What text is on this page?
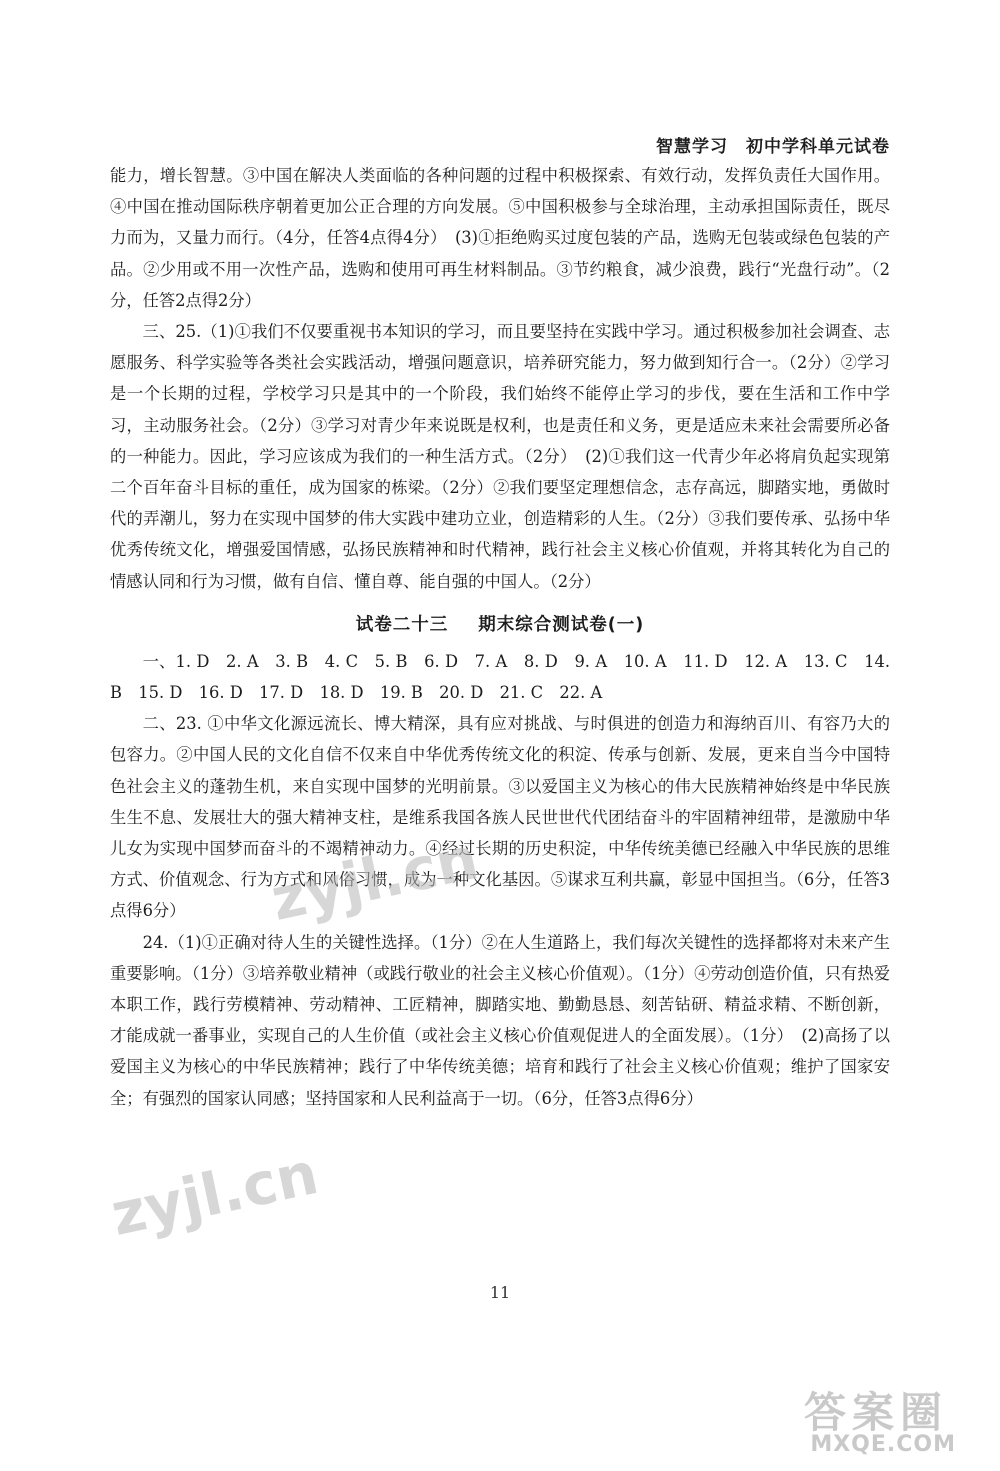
智慧学习　初中学科单元试卷

能力，增长智慧。③中国在解决人类面临的各种问题的过程中积极探索、有效行动，发挥负责任大国作用。④中国在推动国际秩序朝着更加公正合理的方向发展。⑤中国积极参与全球治理，主动承担国际责任，既尽力而为，又量力而行。（4分，任答4点得4分）　(3)①拒绝购买过度包装的产品，选购无包装或绿色包装的产品。②少用或不用一次性产品，选购和使用可再生材料制品。③节约粮食，减少浪费，践行“光盘行动”。（2分，任答2点得2分）

三、25.（1)①我们不仅要重视书本知识的学习，而且要坚持在实践中学习。通过积极参加社会调查、志愿服务、科学实验等各类社会实践活动，增强问题意识，培养研究能力，努力做到知行合一。（2分）②学习是一个长期的过程，学校学习只是其中的一个阶段，我们始终不能停止学习的步伐，要在生活和工作中学习，主动服务社会。（2分）③学习对青少年来说既是权利，也是责任和义务，更是适应未来社会需要所必备的一种能力。因此，学习应该成为我们的一种生活方式。（2分）　(2)①我们这一代青少年必将肩负起实现第二个百年奋斗目标的重任，成为国家的栋梁。（2分）②我们要坚定理想信念，志存高远，脚踏实地，勇做时代的弄潮儿，努力在实现中国梦的伟大实践中建功立业，创造精彩的人生。（2分）③我们要传承、弘扬中华优秀传统文化，增强爱国情感，弘扬民族精神和时代精神，践行社会主义核心价值观，并将其转化为自己的情感认同和行为习惯，做有自信、懂自尊、能自强的中国人。（2分）

试卷二十三 期末综合测试卷(一)

一、1. D　2. A　3. B　4. C　5. B　6. D　7. A　8. D　9. A　10. A　11. D　12. A　13. C　14. B　15. D　16. D　17. D　18. D　19. B　20. D　21. C　22. A

二、23. ①中华文化源远流长、博大精深，具有应对挑战、与时俱进的创造力和海纳百川、有容乃大的包容力。②中国人民的文化自信不仅来自中华优秀传统文化的积淀、传承与创新、发展，更来自当今中国特色社会主义的蓬勃生机，来自实现中国梦的光明前景。③以爱国主义为核心的伟大民族精神始终是中华民族生生不息、发展壮大的强大精神支柱，是维系我国各族人民世世代代团结奋斗的牢固精神纽带，是激励中华儿女为实现中国梦而奋斗的不竭精神动力。④经过长期的历史积淀，中华传统美德已经融入中华民族的思维方式、价值观念、行为方式和风俗习惯，成为一种文化基因。⑤谋求互利共赢，彰显中国担当。（6分，任答3点得6分）

24.（1)①正确对待人生的关键性选择。（1分）②在人生道路上，我们每次关键性的选择都将对未来产生重要影响。（1分）③培养敬业精神（或践行敬业的社会主义核心价值观）。（1分）④劳动创造价值，只有热爱本职工作，践行劳模精神、劳动精神、工匠精神，脚踏实地、勤勤恳恳、刻苦钻研、精益求精、不断创新，才能成就一番事业，实现自己的人生价值（或社会主义核心价值观促进人的全面发展）。（1分）　(2)高扬了以爱国主义为核心的中华民族精神；践行了中华传统美德；培育和践行了社会主义核心价值观；维护了国家安全；有强烈的国家认同感；坚持国家和人民利益高于一切。（6分，任答3点得6分）

11
zyjl.cn
zyjl.cn
答案圈
MXQE.COM
